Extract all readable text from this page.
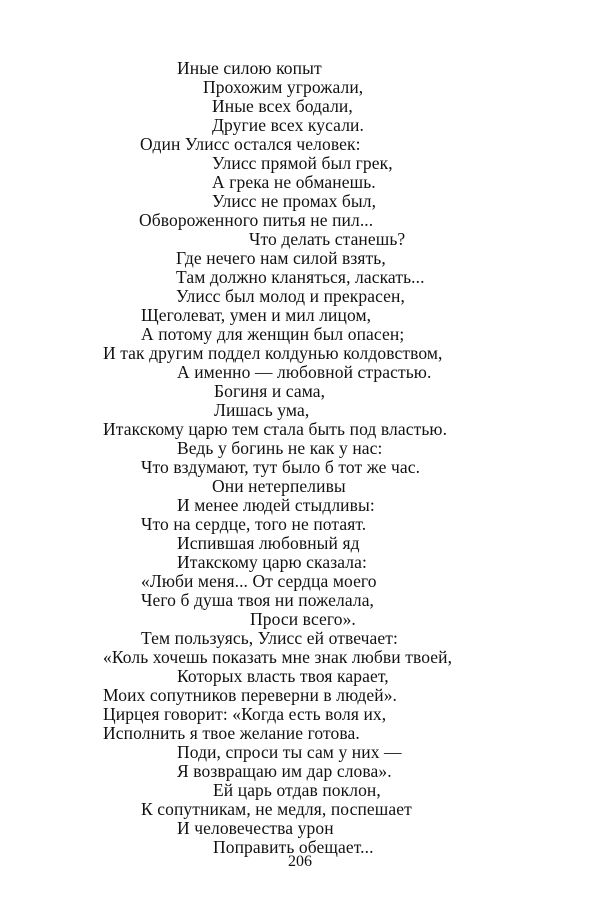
Иные силою копыт
Прохожим угрожали,
Иные всех бодали,
Другие всех кусали.
Один Улисс остался человек:
Улисс прямой был грек,
А грека не обманешь.
Улисс не промах был,
Обвороженного питья не пил...
Что делать станешь?
Где нечего нам силой взять,
Там должно кланяться, ласкать...
Улисс был молод и прекрасен,
Щеголеват, умен и мил лицом,
А потому для женщин был опасен;
И так другим поддел колдунью колдовством,
А именно — любовной страстью.
Богиня и сама,
Лишась ума,
Итакскому царю тем стала быть под властью.
Ведь у богинь не как у нас:
Что вздумают, тут было б тот же час.
Они нетерпеливы
И менее людей стыдливы:
Что на сердце, того не потаят.
Испившая любовный яд
Итакскому царю сказала:
«Люби меня... От сердца моего
Чего б душа твоя ни пожелала,
Проси всего».
Тем пользуясь, Улисс ей отвечает:
«Коль хочешь показать мне знак любви твоей,
Которых власть твоя карает,
Моих сопутников переверни в людей».
Цирцея говорит: «Когда есть воля их,
Исполнить я твое желание готова.
Поди, спроси ты сам у них —
Я возвращаю им дар слова».
Ей царь отдав поклон,
К сопутникам, не медля, поспешает
И человечества урон
Поправить обещает...
206
